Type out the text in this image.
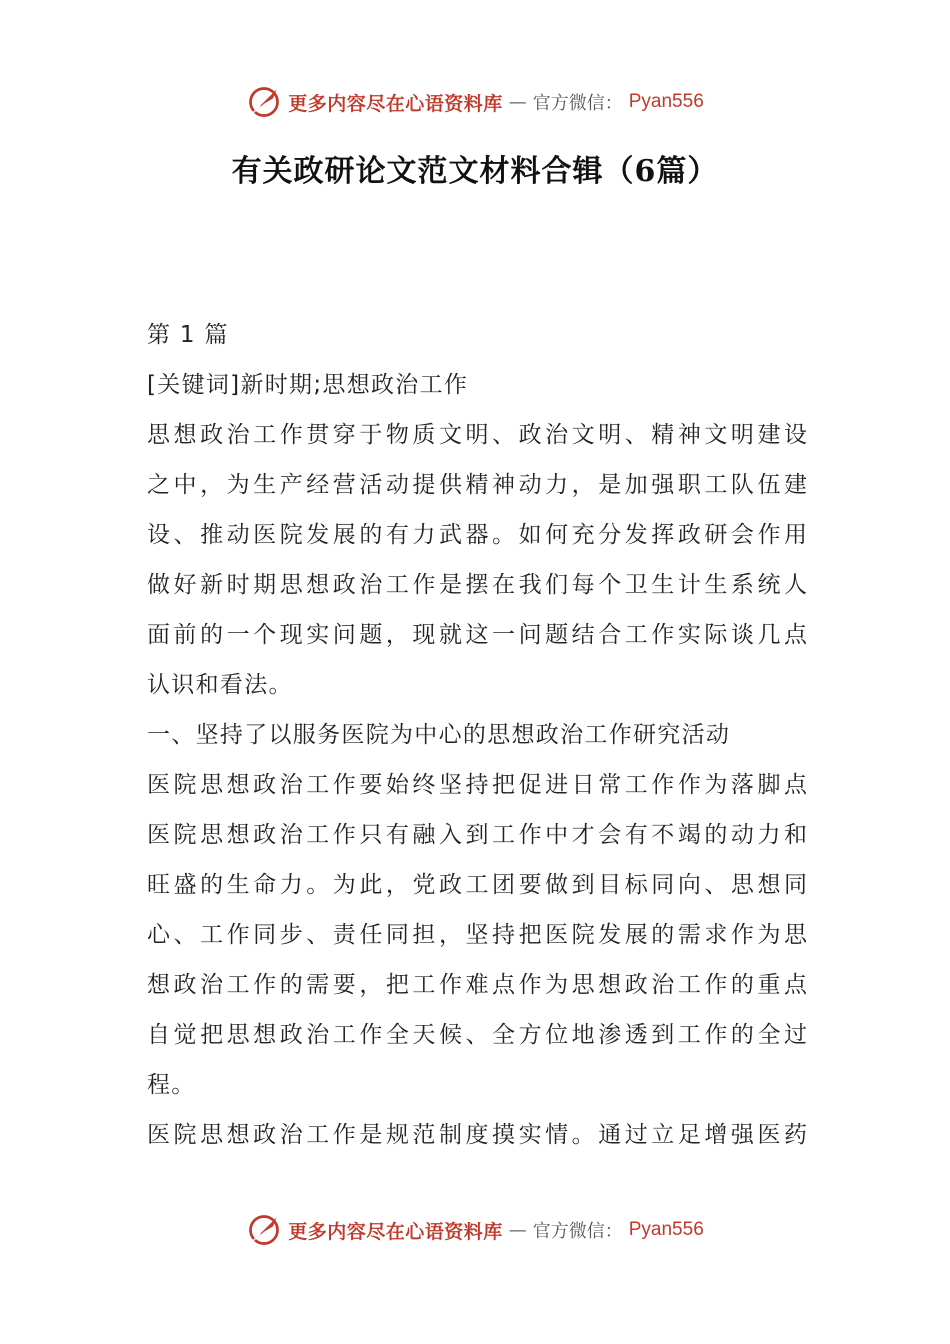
更多内容尽在心语资料库 — 官方微信： Pyan556
有关政研论文范文材料合辑（6篇）
第 1 篇
[关键词]新时期;思想政治工作
思想政治工作贯穿于物质文明、政治文明、精神文明建设
之中，为生产经营活动提供精神动力，是加强职工队伍建
设、推动医院发展的有力武器。如何充分发挥政研会作用
做好新时期思想政治工作是摆在我们每个卫生计生系统人
面前的一个现实问题，现就这一问题结合工作实际谈几点
认识和看法。
一、坚持了以服务医院为中心的思想政治工作研究活动
医院思想政治工作要始终坚持把促进日常工作作为落脚点
医院思想政治工作只有融入到工作中才会有不竭的动力和
旺盛的生命力。为此，党政工团要做到目标同向、思想同
心、工作同步、责任同担，坚持把医院发展的需求作为思
想政治工作的需要，把工作难点作为思想政治工作的重点
自觉把思想政治工作全天候、全方位地渗透到工作的全过
程。
医院思想政治工作是规范制度摸实情。通过立足增强医药
更多内容尽在心语资料库 — 官方微信： Pyan556
